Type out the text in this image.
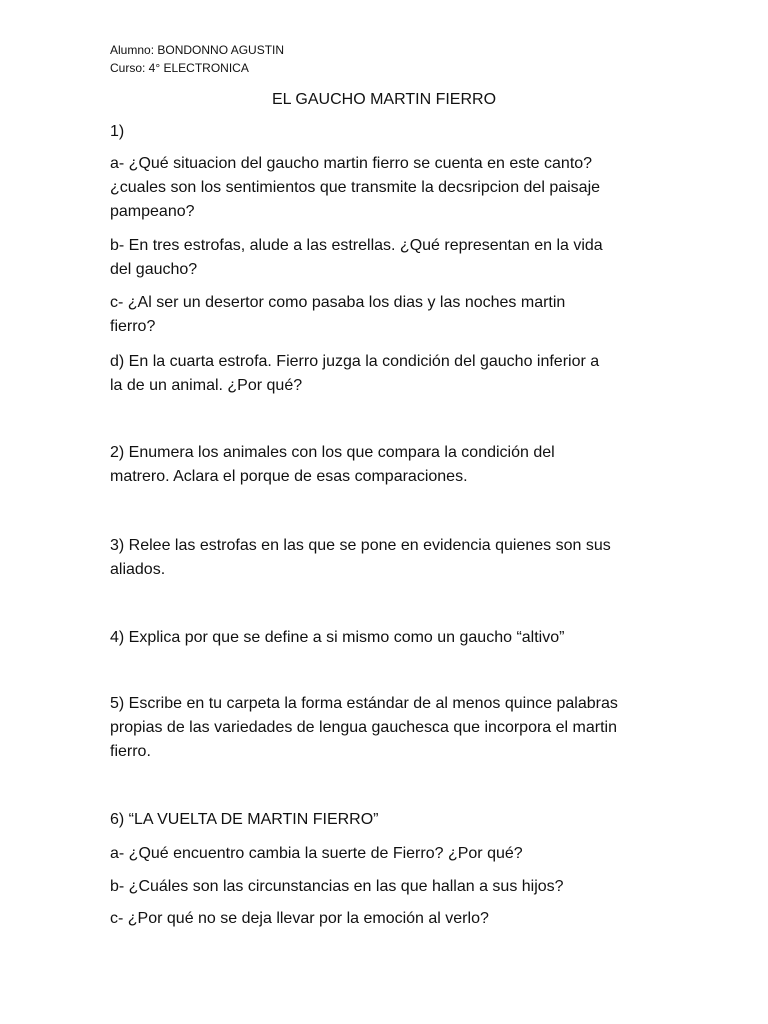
Alumno: BONDONNO AGUSTIN
Curso: 4° ELECTRONICA
EL GAUCHO MARTIN FIERRO
1)
a- ¿Qué situacion del gaucho martin fierro se cuenta en este canto?
¿cuales son los sentimientos que transmite la decsripcion del paisaje
pampeano?
b- En tres estrofas, alude a las estrellas. ¿Qué representan en la vida
del gaucho?
c- ¿Al ser un desertor como pasaba los dias y las noches martin
fierro?
d) En la cuarta estrofa. Fierro juzga la condición del gaucho inferior a
la de un animal. ¿Por qué?
2) Enumera los animales con los que compara la condición del
matrero. Aclara el porque de esas comparaciones.
3) Relee las estrofas en las que se pone en evidencia quienes son sus
aliados.
4) Explica por que se define a si mismo como un gaucho “altivo”
5) Escribe en tu carpeta la forma estándar de al menos quince palabras
propias de las variedades de lengua gauchesca que incorpora el martin
fierro.
6) “LA VUELTA DE MARTIN FIERRO”
a- ¿Qué encuentro cambia la suerte de Fierro? ¿Por qué?
b- ¿Cuáles son las circunstancias en las que hallan a sus hijos?
c- ¿Por qué no se deja llevar por la emoción al verlo?
